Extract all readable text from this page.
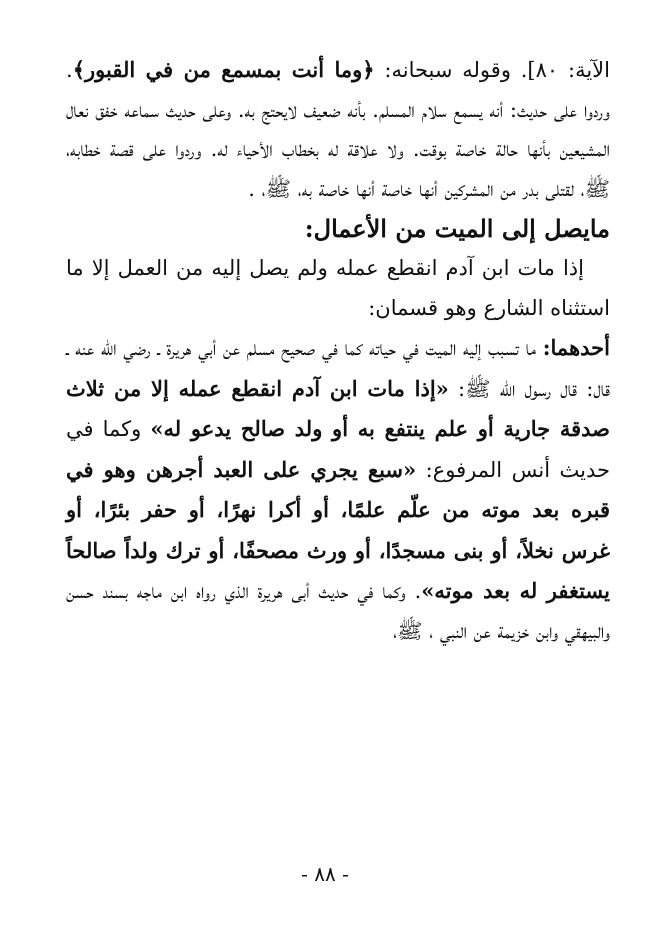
الآية: ٨٠]. وقوله سبحانه: ﴿وما أنت بمسمع من في القبور﴾. وردوا على حديث: أنه يسمع سلام المسلم. بأنه ضعيف لايحتج به. وعلى حديث سماعه خفق نعال المشيعين بأنها حالة خاصة بوقت. ولا علاقة له بخطاب الأحياء له. وردوا على قصة خطابه، ﷺ، لقتلى بدر من المشركين أنها خاصة أنها خاصة به، ﷺ، .

مايصل إلى الميت من الأعمال:

إذا مات ابن آدم انقطع عمله ولم يصل إليه من العمل إلا ما استثناه الشارع وهو قسمان:

أحدهما: ما تسبب إليه الميت في حياته كما في صحيح مسلم عن أبي هريرة ـ رضي الله عنه ـ قال: قال رسول الله ﷺ: «إذا مات ابن آدم انقطع عمله إلا من ثلاث صدقة جارية أو علم ينتفع به أو ولد صالح يدعو له» وكما في حديث أنس المرفوع: «سبع يجري على العبد أجرهن وهو في قبره بعد موته من علّم علمًا، أو أكرا نهرًا، أو حفر بئرًا، أو غرس نخلاً، أو بنى مسجدًا، أو ورث مصحفًا، أو ترك ولداً صالحاً يستغفر له بعد موته». وكما في حديث أبى هريرة الذي رواه ابن ماجه بسند حسن والبيهقي وابن خزيمة عن النبي ، ﷺ،

- ٨٨ -
